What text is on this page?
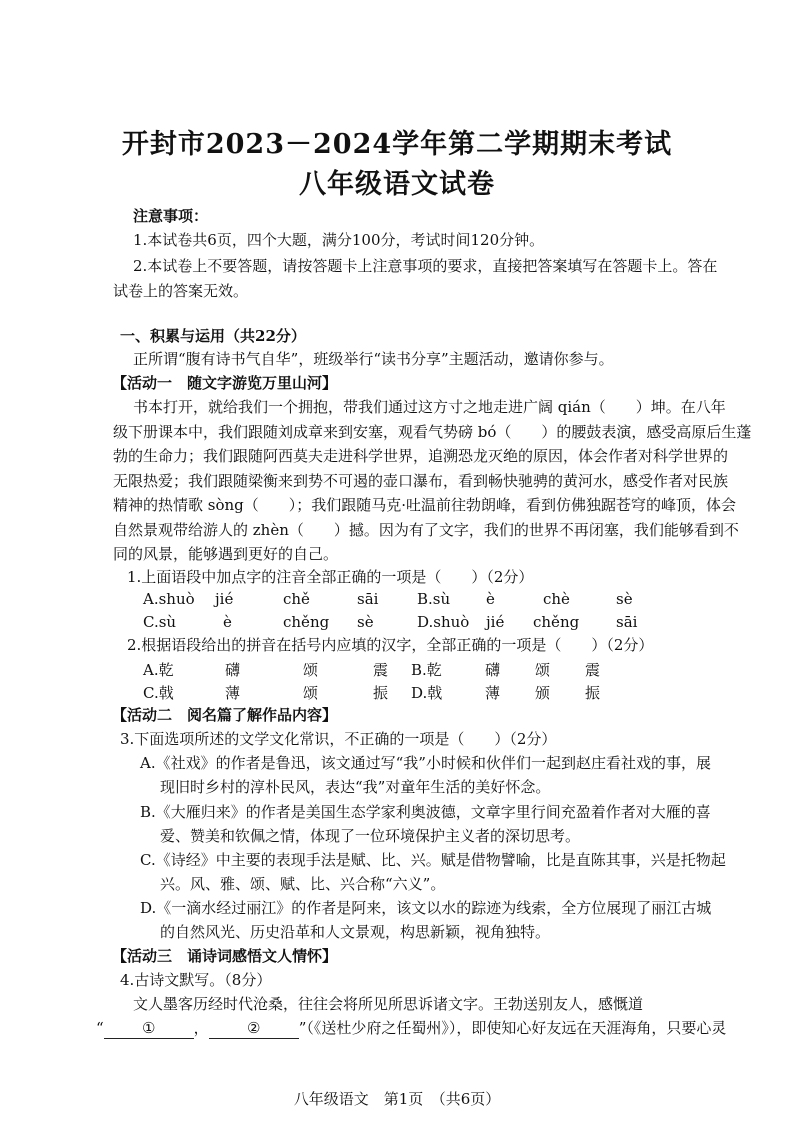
开封市2023－2024学年第二学期期末考试
八年级语文试卷
注意事项：
1.本试卷共6页，四个大题，满分100分，考试时间120分钟。
2.本试卷上不要答题，请按答题卡上注意事项的要求，直接把答案填写在答题卡上。答在
试卷上的答案无效。
一、积累与运用（共22分）
正所谓“腹有诗书气自华”，班级举行“读书分享”主题活动，邀请你参与。
【活动一　随文字游览万里山河】
书本打开，就给我们一个拥抱，带我们通过这方寸之地走进广阔 qián（　　）坤。在八年
级下册课本中，我们跟随刘成章来到安塞，观看气势磅 bó（　　）的腰鼓表演，感受高原后生蓬
勃的生命力；我们跟随阿西莫夫走进科学世界，追溯恐龙灭绝的原因，体会作者对科学世界的
无限热爱；我们跟随梁衡来到势不可遏的壶口瀑布，看到畅快驰骋的黄河水，感受作者对民族
精神的热情歌 sòng（　　）；我们跟随马克·吐温前往勃朗峰，看到仿佛独踞苍穹的峰顶，体会
自然景观带给游人的 zhèn（　　）撼。因为有了文字，我们的世界不再闭塞，我们能够看到不
同的风景，能够遇到更好的自己。
1.上面语段中加点字的注音全部正确的一项是（　　）（2分）
A.shuò jié	chě	sāi	B.sù è	chè	sè
C.sù	è	chěng sè	D.shuò jié chěng sāi
2.根据语段给出的拼音在括号内应填的汉字，全部正确的一项是（　　）（2分）
A.乾	礴	颂	震 B.乾	礴 颂 震
C.戟	薄	颂	振 D.戟	薄 颁 振
【活动二　阅名篇了解作品内容】
3.下面选项所述的文学文化常识，不正确的一项是（　　）（2分）
A.《社戏》的作者是鲁迅，该文通过写“我”小时候和伙伴们一起到赵庄看社戏的事，展
现旧时乡村的淳朴民风，表达“我”对童年生活的美好怀念。
B.《大雁归来》的作者是美国生态学家利奥波德，文章字里行间充盈着作者对大雁的喜
爱、赞美和钦佩之情，体现了一位环境保护主义者的深切思考。
C.《诗经》中主要的表现手法是赋、比、兴。赋是借物譬喻，比是直陈其事，兴是托物起
兴。风、雅、颂、赋、比、兴合称“六义”。
D.《一滴水经过丽江》的作者是阿来，该文以水的踪迹为线索，全方位展现了丽江古城
的自然风光、历史沿革和人文景观，构思新颖，视角独特。
【活动三　诵诗词感悟文人情怀】
4.古诗文默写。（8分）
文人墨客历经时代沧桑，往往会将所见所思诉诸文字。王勃送别友人，感慨道
“	①	，	②	”（《送杜少府之任蜀州》），即使知心好友远在天涯海角，只要心灵
八年级语文　第1页　（共6页）
